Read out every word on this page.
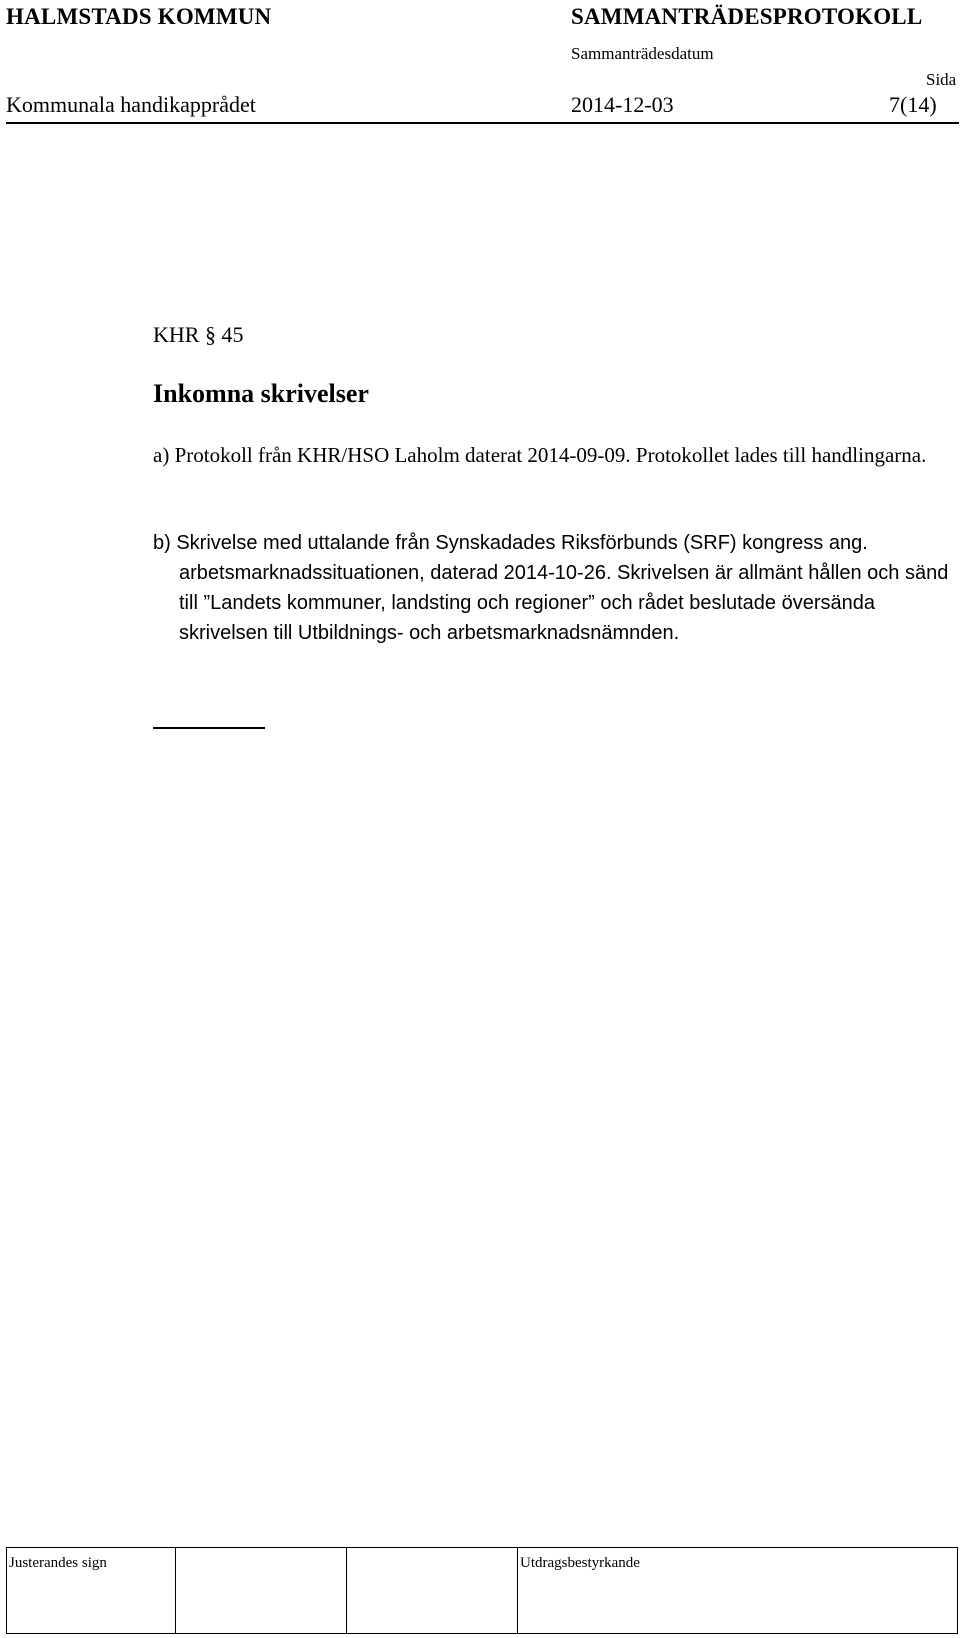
HALMSTADS KOMMUN	SAMMANTRÄDESPROTOKOLL
Sammanträdesdatum
Sida
Kommunala handikapprådet	2014-12-03	7(14)
KHR § 45
Inkomna skrivelser
a) Protokoll från KHR/HSO Laholm daterat 2014-09-09. Protokollet lades till handlingarna.
b) Skrivelse med uttalande från Synskadades Riksförbunds (SRF) kongress ang. arbetsmarknadssituationen, daterad 2014-10-26. Skrivelsen är allmänt hållen och sänd till ”Landets kommuner, landsting och regioner” och rådet beslutade översända skrivelsen till Utbildnings- och arbetsmarknadsnämnden.
Justerandes sign			Utdragsbestyrkande
